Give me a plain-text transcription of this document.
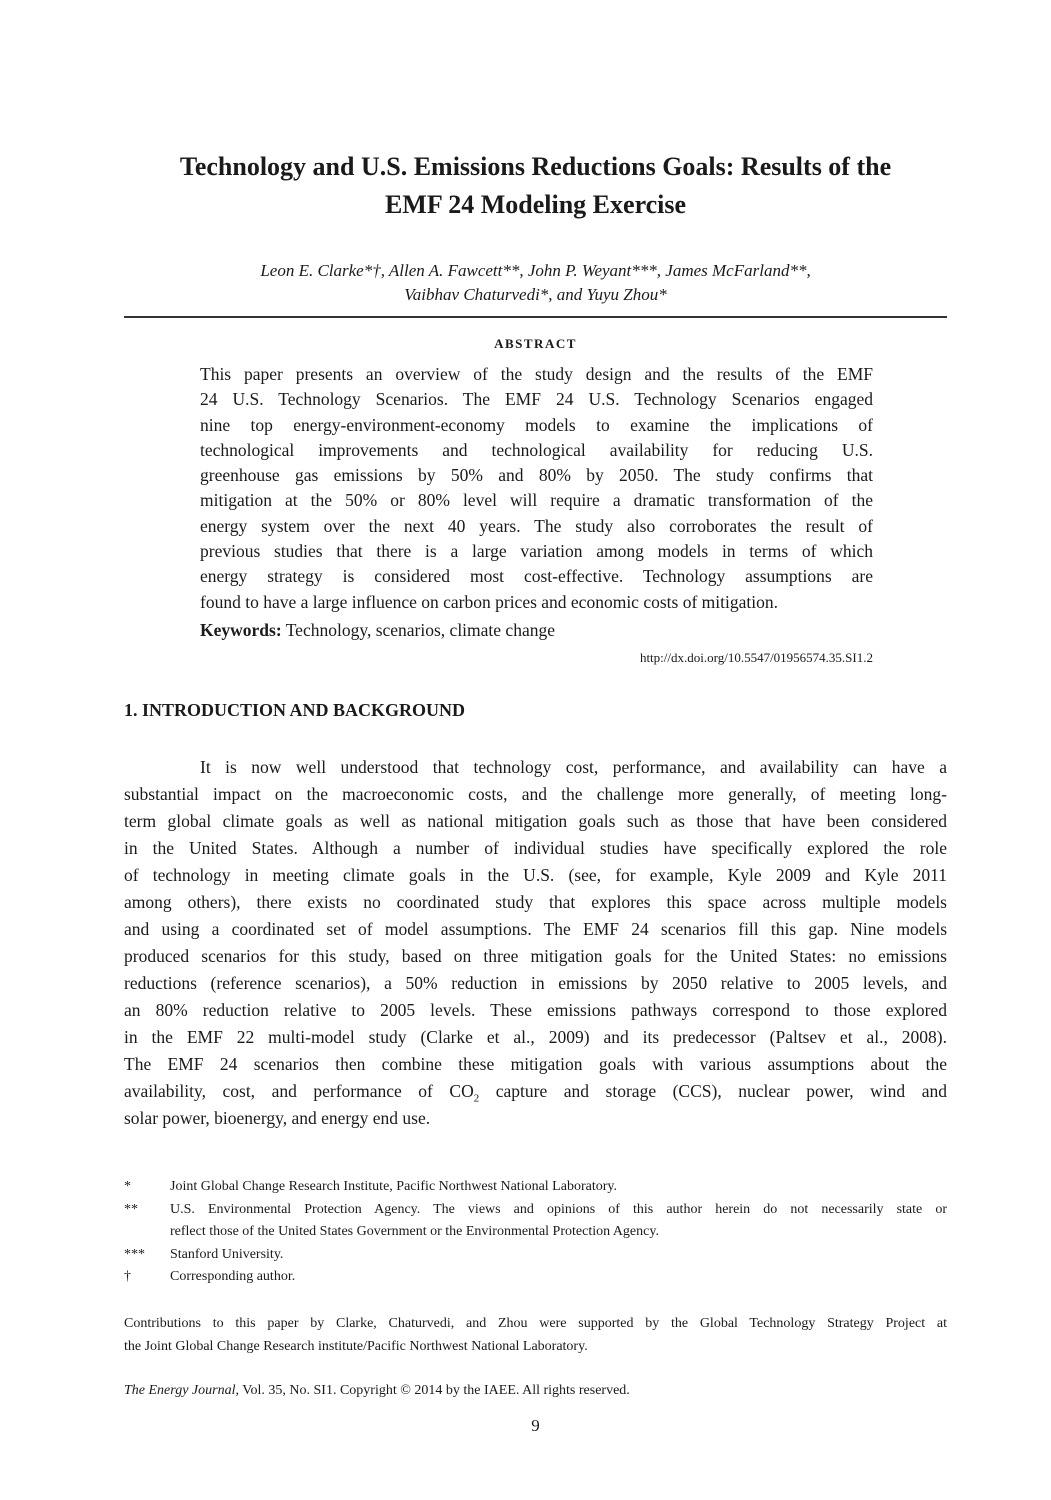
Technology and U.S. Emissions Reductions Goals: Results of the
EMF 24 Modeling Exercise
Leon E. Clarke*†, Allen A. Fawcett**, John P. Weyant***, James McFarland**,
Vaibhav Chaturvedi*, and Yuyu Zhou*
ABSTRACT
This paper presents an overview of the study design and the results of the EMF
24 U.S. Technology Scenarios. The EMF 24 U.S. Technology Scenarios engaged
nine top energy-environment-economy models to examine the implications of
technological improvements and technological availability for reducing U.S.
greenhouse gas emissions by 50% and 80% by 2050. The study confirms that
mitigation at the 50% or 80% level will require a dramatic transformation of the
energy system over the next 40 years. The study also corroborates the result of
previous studies that there is a large variation among models in terms of which
energy strategy is considered most cost-effective. Technology assumptions are
found to have a large influence on carbon prices and economic costs of mitigation.
Keywords: Technology, scenarios, climate change
http://dx.doi.org/10.5547/01956574.35.SI1.2
1. INTRODUCTION AND BACKGROUND
It is now well understood that technology cost, performance, and availability can have a
substantial impact on the macroeconomic costs, and the challenge more generally, of meeting long-
term global climate goals as well as national mitigation goals such as those that have been considered
in the United States. Although a number of individual studies have specifically explored the role
of technology in meeting climate goals in the U.S. (see, for example, Kyle 2009 and Kyle 2011
among others), there exists no coordinated study that explores this space across multiple models
and using a coordinated set of model assumptions. The EMF 24 scenarios fill this gap. Nine models
produced scenarios for this study, based on three mitigation goals for the United States: no emissions
reductions (reference scenarios), a 50% reduction in emissions by 2050 relative to 2005 levels, and
an 80% reduction relative to 2005 levels. These emissions pathways correspond to those explored
in the EMF 22 multi-model study (Clarke et al., 2009) and its predecessor (Paltsev et al., 2008).
The EMF 24 scenarios then combine these mitigation goals with various assumptions about the
availability, cost, and performance of $CO_2$ capture and storage (CCS), nuclear power, wind and
solar power, bioenergy, and energy end use.
*	Joint Global Change Research Institute, Pacific Northwest National Laboratory.
** U.S. Environmental Protection Agency. The views and opinions of this author herein do not necessarily state or
reflect those of the United States Government or the Environmental Protection Agency.
*** Stanford University.
†	Corresponding author.
Contributions to this paper by Clarke, Chaturvedi, and Zhou were supported by the Global Technology Strategy Project at
the Joint Global Change Research institute/Pacific Northwest National Laboratory.
The Energy Journal, Vol. 35, No. SI1. Copyright © 2014 by the IAEE. All rights reserved.
9
